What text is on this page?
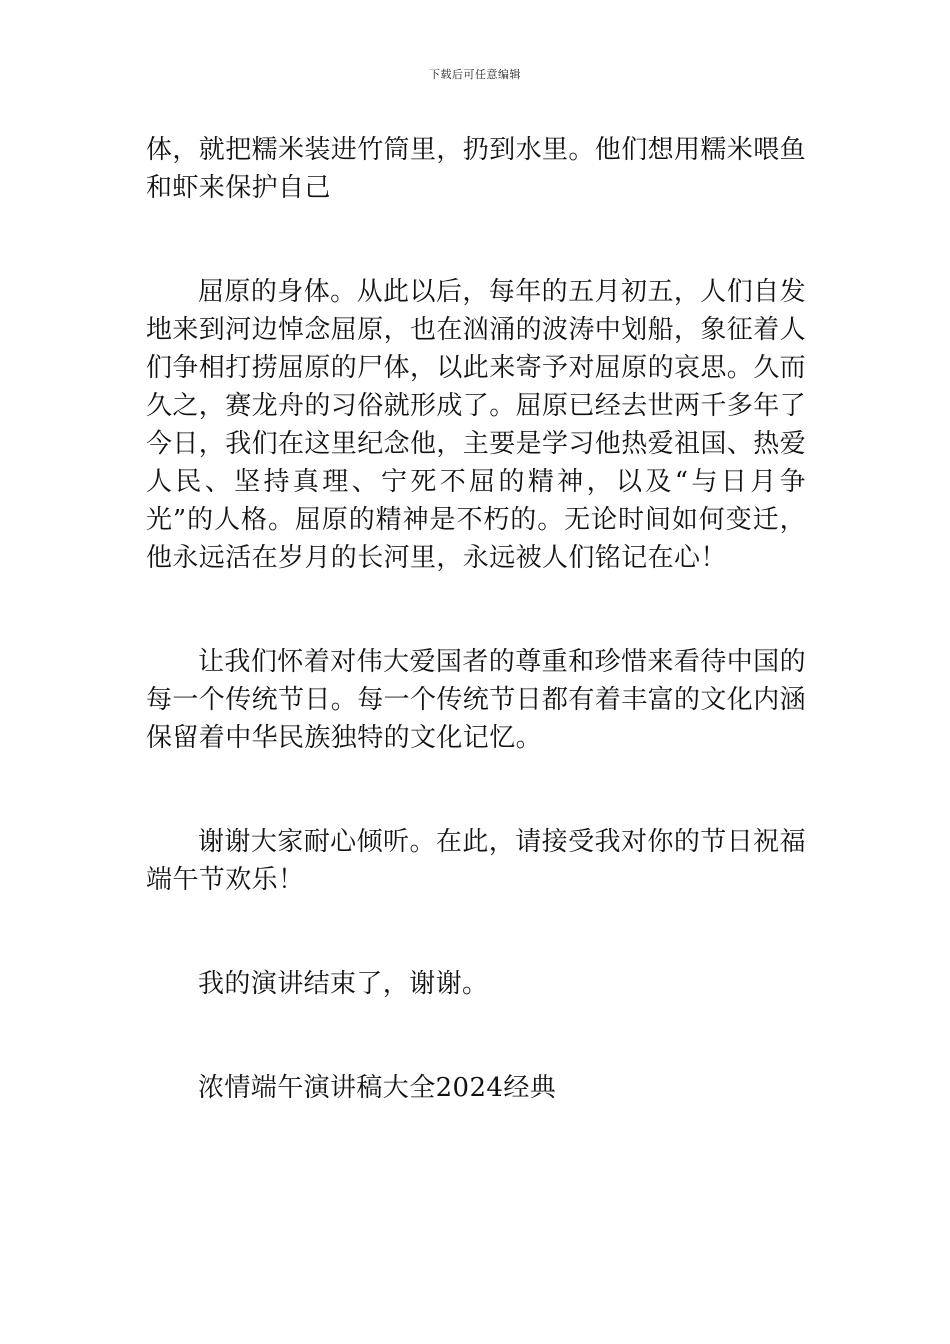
下载后可任意编辑

体，就把糯米装进竹筒里，扔到水里。他们想用糯米喂鱼和虾来保护自己

屈原的身体。从此以后，每年的五月初五，人们自发地来到河边悼念屈原，也在汹涌的波涛中划船，象征着人们争相打捞屈原的尸体，以此来寄予对屈原的哀思。久而久之，赛龙舟的习俗就形成了。屈原已经去世两千多年了今日，我们在这里纪念他，主要是学习他热爱祖国、热爱人民、坚持真理、宁死不屈的精神，以及“与日月争光”的人格。屈原的精神是不朽的。无论时间如何变迁，他永远活在岁月的长河里，永远被人们铭记在心！

让我们怀着对伟大爱国者的尊重和珍惜来看待中国的每一个传统节日。每一个传统节日都有着丰富的文化内涵保留着中华民族独特的文化记忆。

谢谢大家耐心倾听。在此，请接受我对你的节日祝福端午节欢乐！

我的演讲结束了，谢谢。

浓情端午演讲稿大全2024经典
